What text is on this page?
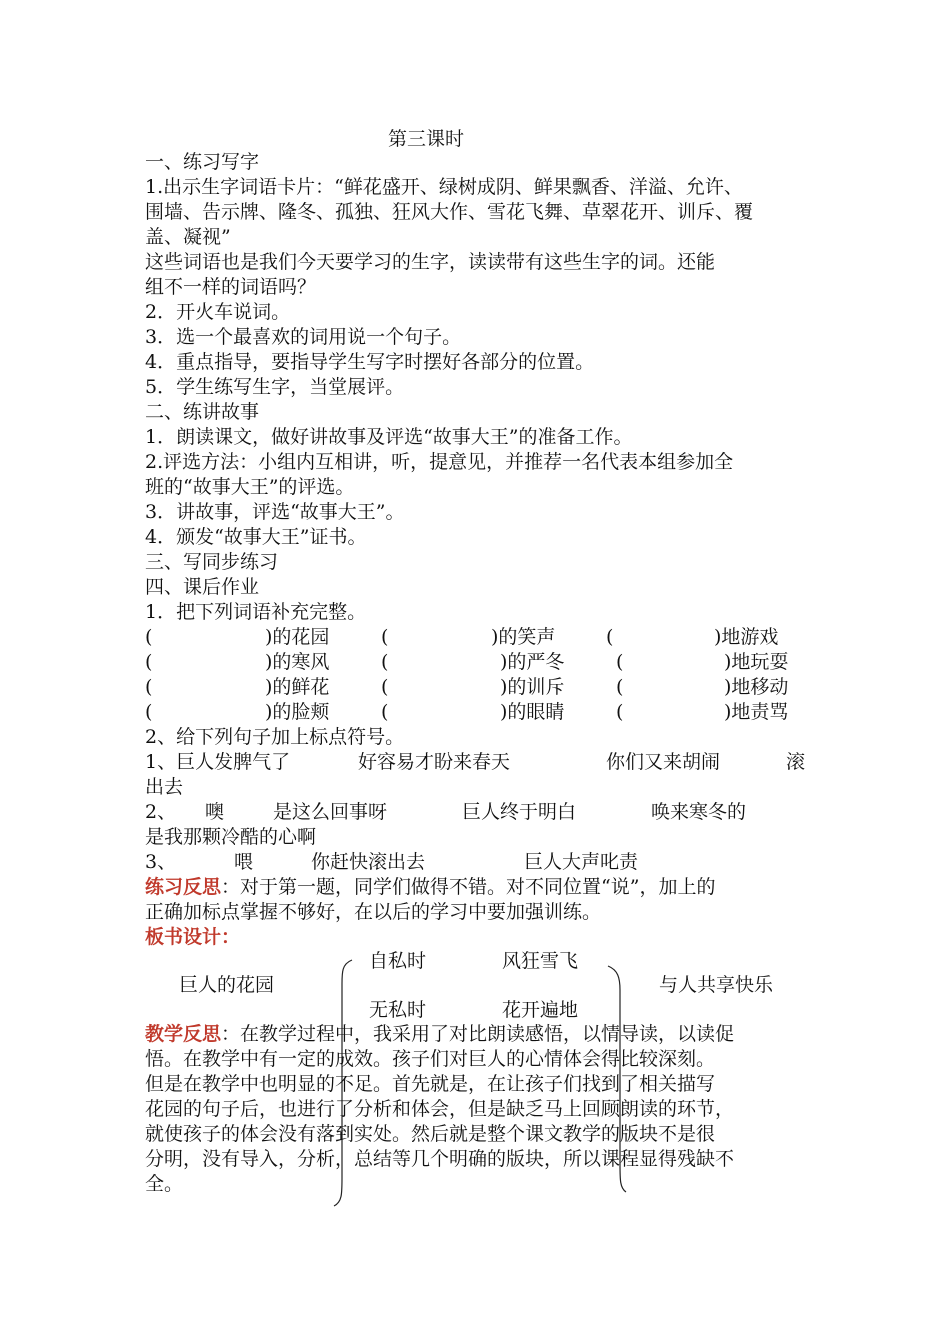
第三课时
一、练习写字
1.出示生字词语卡片：“鲜花盛开、绿树成阴、鲜果飘香、洋溢、允许、
围墙、告示牌、隆冬、孤独、狂风大作、雪花飞舞、草翠花开、训斥、覆
盖、凝视”
这些词语也是我们今天要学习的生字，读读带有这些生字的词。还能
组不一样的词语吗？
2．开火车说词。
3．选一个最喜欢的词用说一个句子。
4．重点指导，要指导学生写字时摆好各部分的位置。
5．学生练写生字，当堂展评。
二、练讲故事
1．朗读课文，做好讲故事及评选“故事大王”的准备工作。
2.评选方法：小组内互相讲，听，提意见，并推荐一名代表本组参加全
班的“故事大王”的评选。
3．讲故事，评选“故事大王”。
4．颁发“故事大王”证书。
三、写同步练习
四、课后作业
1．把下列词语补充完整。
(	)的花园	(	)的笑声	(	)地游戏
(	)的寒风	(	)的严冬	(	)地玩耍
(	)的鲜花	(	)的训斥	(	)地移动
(	)的脸颊	(	)的眼睛	(	)地责骂
2、给下列句子加上标点符号。
1、巨人发脾气了	好容易才盼来春天	你们又来胡闹	滚
出去
2、 噢	是这么回事呀	巨人终于明白	唤来寒冬的
是我那颗冷酷的心啊
3、	喂	你赶快滚出去	巨人大声叱责
练习反思：对于第一题，同学们做得不错。对不同位置“说”，加上的
正确加标点掌握不够好，在以后的学习中要加强训练。
板书设计：
自私时	风狂雪飞
巨人的花园	与人共享快乐
无私时	花开遍地
教学反思：在教学过程中，我采用了对比朗读感悟，以情导读，以读促
悟。在教学中有一定的成效。孩子们对巨人的心情体会得比较深刻。
但是在教学中也明显的不足。首先就是，在让孩子们找到了相关描写
花园的句子后，也进行了分析和体会，但是缺乏马上回顾朗读的环节，
就使孩子的体会没有落到实处。然后就是整个课文教学的版块不是很
分明，没有导入，分析，总结等几个明确的版块，所以课程显得残缺不
全。
